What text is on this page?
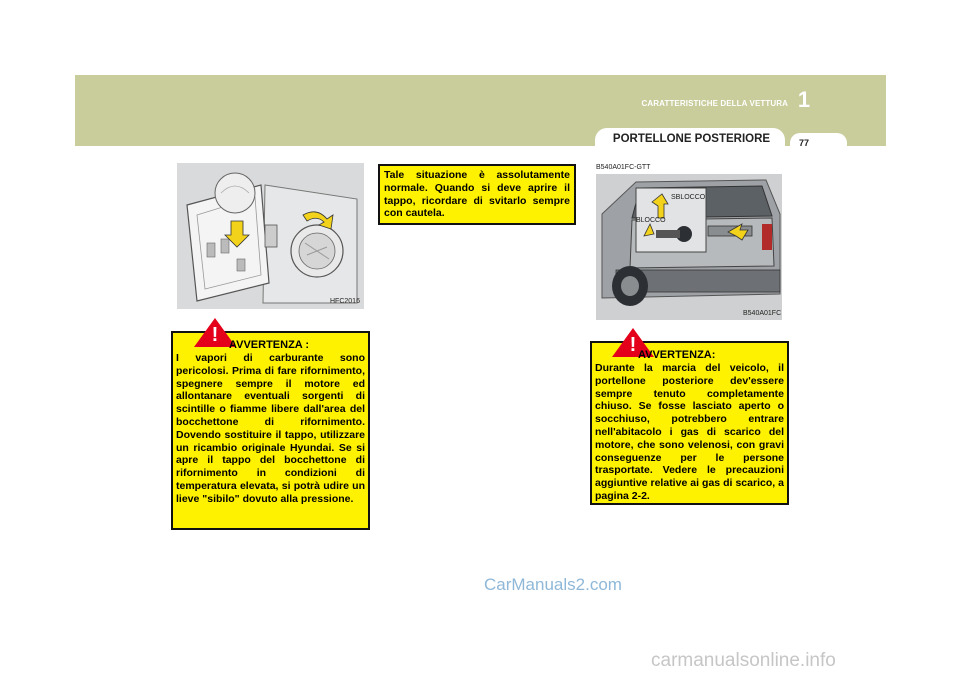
CARATTERISTICHE DELLA VETTURA 1
PORTELLONE POSTERIORE	77
HFC2016
! AVVERTENZA :
I vapori di carburante sono pericolosi. Prima di fare rifornimento, spegnere sempre il motore ed allontanare eventuali sorgenti di scintille o fiamme libere dall'area del bocchettone di rifornimento. Dovendo sostituire il tappo, utilizzare un ricambio originale Hyundai. Se si apre il tappo del bocchettone di rifornimento in condizioni di temperatura elevata, si potrà udire un lieve "sibilo" dovuto alla pressione.
Tale situazione è assolutamente normale. Quando si deve aprire il tappo, ricordare di svitarlo sempre con cautela.
B540A01FC-GTT
SBLOCCO
BLOCCO
B540A01FC
! AVVERTENZA:
Durante la marcia del veicolo, il portellone posteriore dev'essere sempre tenuto completamente chiuso. Se fosse lasciato aperto o socchiuso, potrebbero entrare nell'abitacolo i gas di scarico del motore, che sono velenosi, con gravi conseguenze per le persone trasportate. Vedere le precauzioni aggiuntive relative ai gas di scarico, a pagina 2-2.
CarManuals2.com
carmanualsonline.info
